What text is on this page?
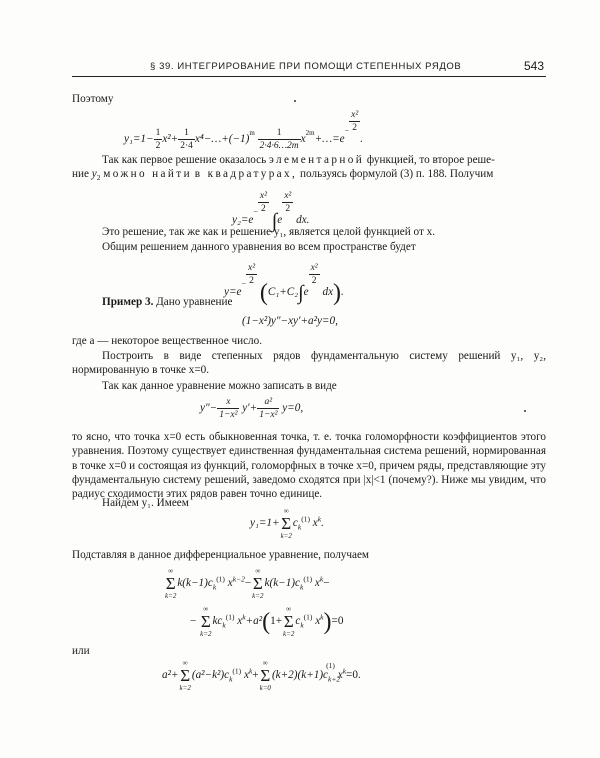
§ 39. ИНТЕГРИРОВАНИЕ ПРИ ПОМОЩИ СТЕПЕННЫХ РЯДОВ	543
Поэтому
$y_1=1- \frac{1}{2} x^2+ \frac{1}{2\cdot 4}$ $x^4-\dots+(-1)^m \frac{1}{2\cdot 4\cdot 6\dots 2m}$ $x^{2m}+\dots=e^- \frac{\text{x²}}{2}$
.
Так как первое решение оказалось элементарной функцией, то второе реше-
ние $y_2$ можно найти в квадратурах, пользуясь формулой (3) п. 188. Получим
$y_2=e^- \frac{\text{x²}}{2}$
∫e
$\frac{\text{x²}}{2}$
dx.
Это решение, так же как и решение y₁, является целой функцией от x.
Общим решением данного уравнения во всем пространстве будет
$y=e^- \frac{\text{x²}}{2}$
(C₁+C₂∫e
$\frac{\text{x²}}{2}$
dx).
Пример 3. Дано уравнение
(1−x²)y″−xy′+a²y=0,
где a — некоторое вещественное число.
Построить в виде степенных рядов фундаментальную систему решений y₁, y₂, нормированную в точке x=0.
Так как данное уравнение можно записать в виде
$y''- \frac{x}{\text{1−x²}} y'+ \frac{\text{a²}}{\text{1−x²}} y=0$,
то ясно, что точка x=0 есть обыкновенная точка, т. е. точка голоморфности коэффициентов этого уравнения. Поэтому существует единственная фундаментальная система решений, нормированная в точке x=0 и состоящая из функций, голоморфных в точке x=0, причем ряды, представляющие эту фундаментальную систему решений, заведомо сходятся при |x|<1 (почему?). Ниже мы увидим, что радиус сходимости этих рядов равен точно единице.
Найдем y₁. Имеем
y₁=1+
∞
Σ
k=2
$c_k^{(1)}$ $x^k$.
Подставляя в данное дифференциальное уравнение, получаем
∞
Σ
k=2
$k(k-1)c_k^{(1)}$ $x^{k-2}-$
∞
Σ
k=2
$k(k-1)c_k^{(1)}$ $x^k-$
−
∞
Σ
k=2
$kc_k^{(1)}$ $x^k+a^2(1+$
∞
Σ
k=2
$c_k^{(1)}$ $x^k)=0$
или
a²+
∞
Σ
k=2
$(a^2-k^2)c_k^{(1)}$ $x^k+$
∞
Σ
k=0
$(k+2)(k+1)c_{k+2}^{(1)}$ $x^k=0$.
